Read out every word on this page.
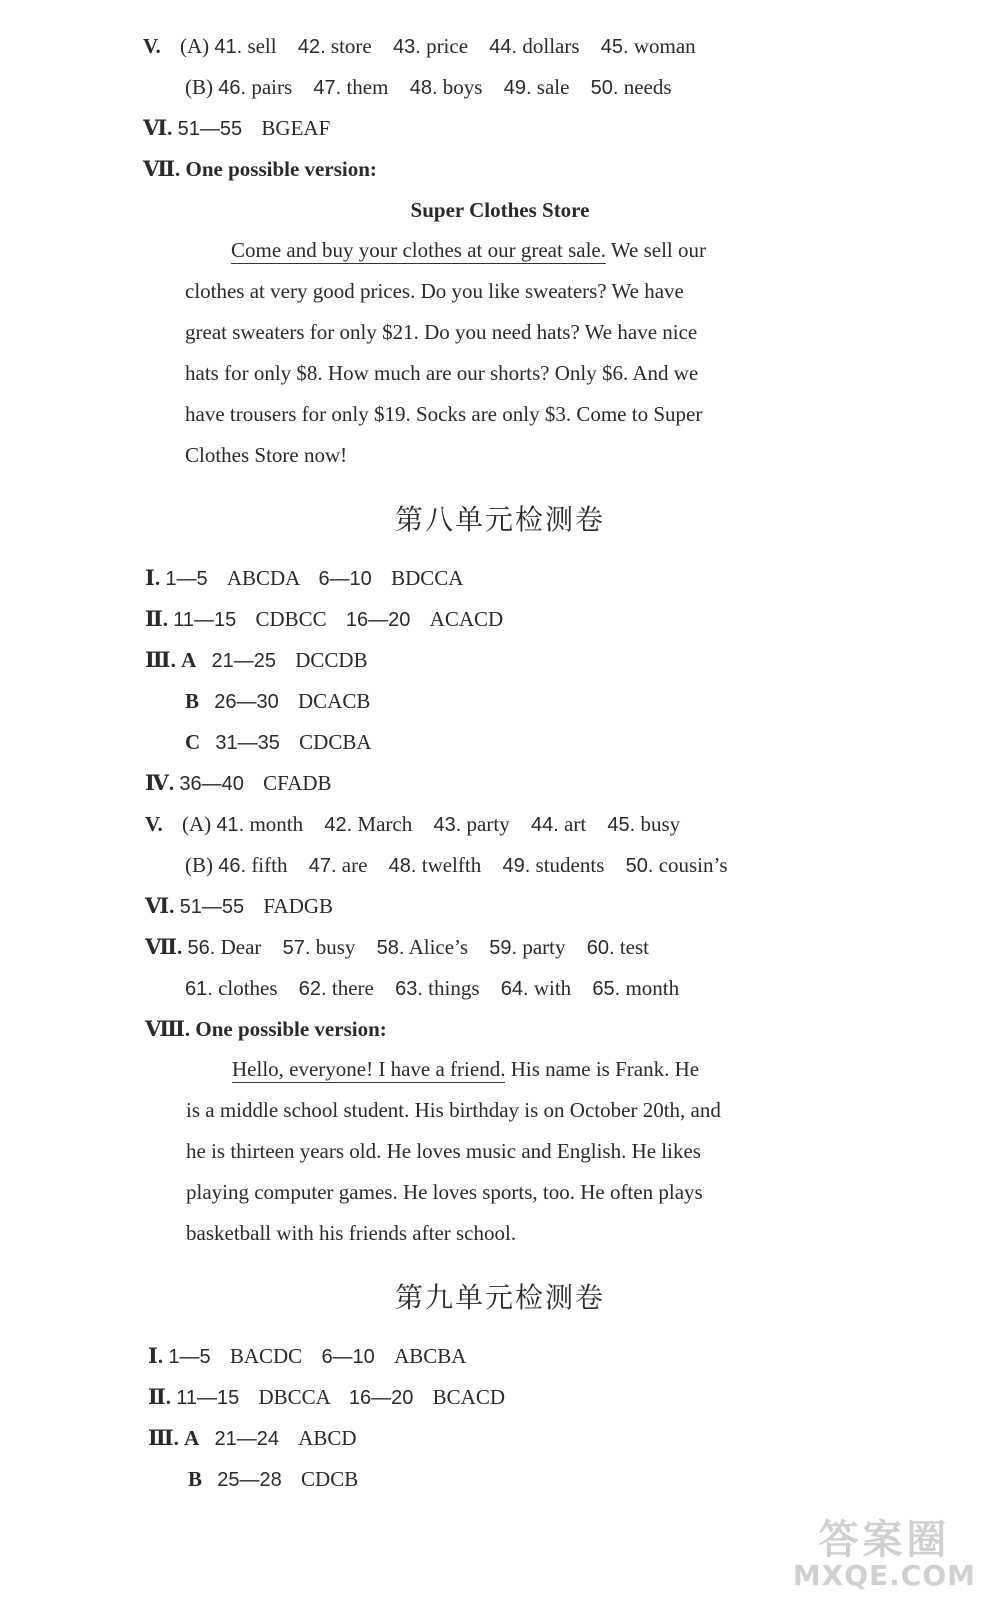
V. (A) 41. sell 42. store 43. price 44. dollars 45. woman
(B) 46. pairs 47. them 48. boys 49. sale 50. needs
Ⅵ. 51—55 BGEAF
Ⅶ. One possible version:
Super Clothes Store
Come and buy your clothes at our great sale. We sell our
clothes at very good prices. Do you like sweaters? We have
great sweaters for only $21. Do you need hats? We have nice
hats for only $8. How much are our shorts? Only $6. And we
have trousers for only $19. Socks are only $3. Come to Super
Clothes Store now!
第八单元检测卷
Ⅰ. 1—5 ABCDA 6—10 BDCCA
Ⅱ. 11—15 CDBCC 16—20 ACACD
Ⅲ. A 21—25 DCCDB
B 26—30 DCACB
C 31—35 CDCBA
Ⅳ. 36—40 CFADB
V. (A) 41. month 42. March 43. party 44. art 45. busy
(B) 46. fifth 47. are 48. twelfth 49. students 50. cousin’s
Ⅵ. 51—55 FADGB
Ⅶ. 56. Dear 57. busy 58. Alice’s 59. party 60. test
61. clothes 62. there 63. things 64. with 65. month
Ⅷ. One possible version:
Hello, everyone! I have a friend. His name is Frank. He
is a middle school student. His birthday is on October 20th, and
he is thirteen years old. He loves music and English. He likes
playing computer games. He loves sports, too. He often plays
basketball with his friends after school.
第九单元检测卷
Ⅰ. 1—5 BACDC 6—10 ABCBA
Ⅱ. 11—15 DBCCA 16—20 BCACD
Ⅲ. A 21—24 ABCD
B 25—28 CDCB
答案圈
MXQE.COM
